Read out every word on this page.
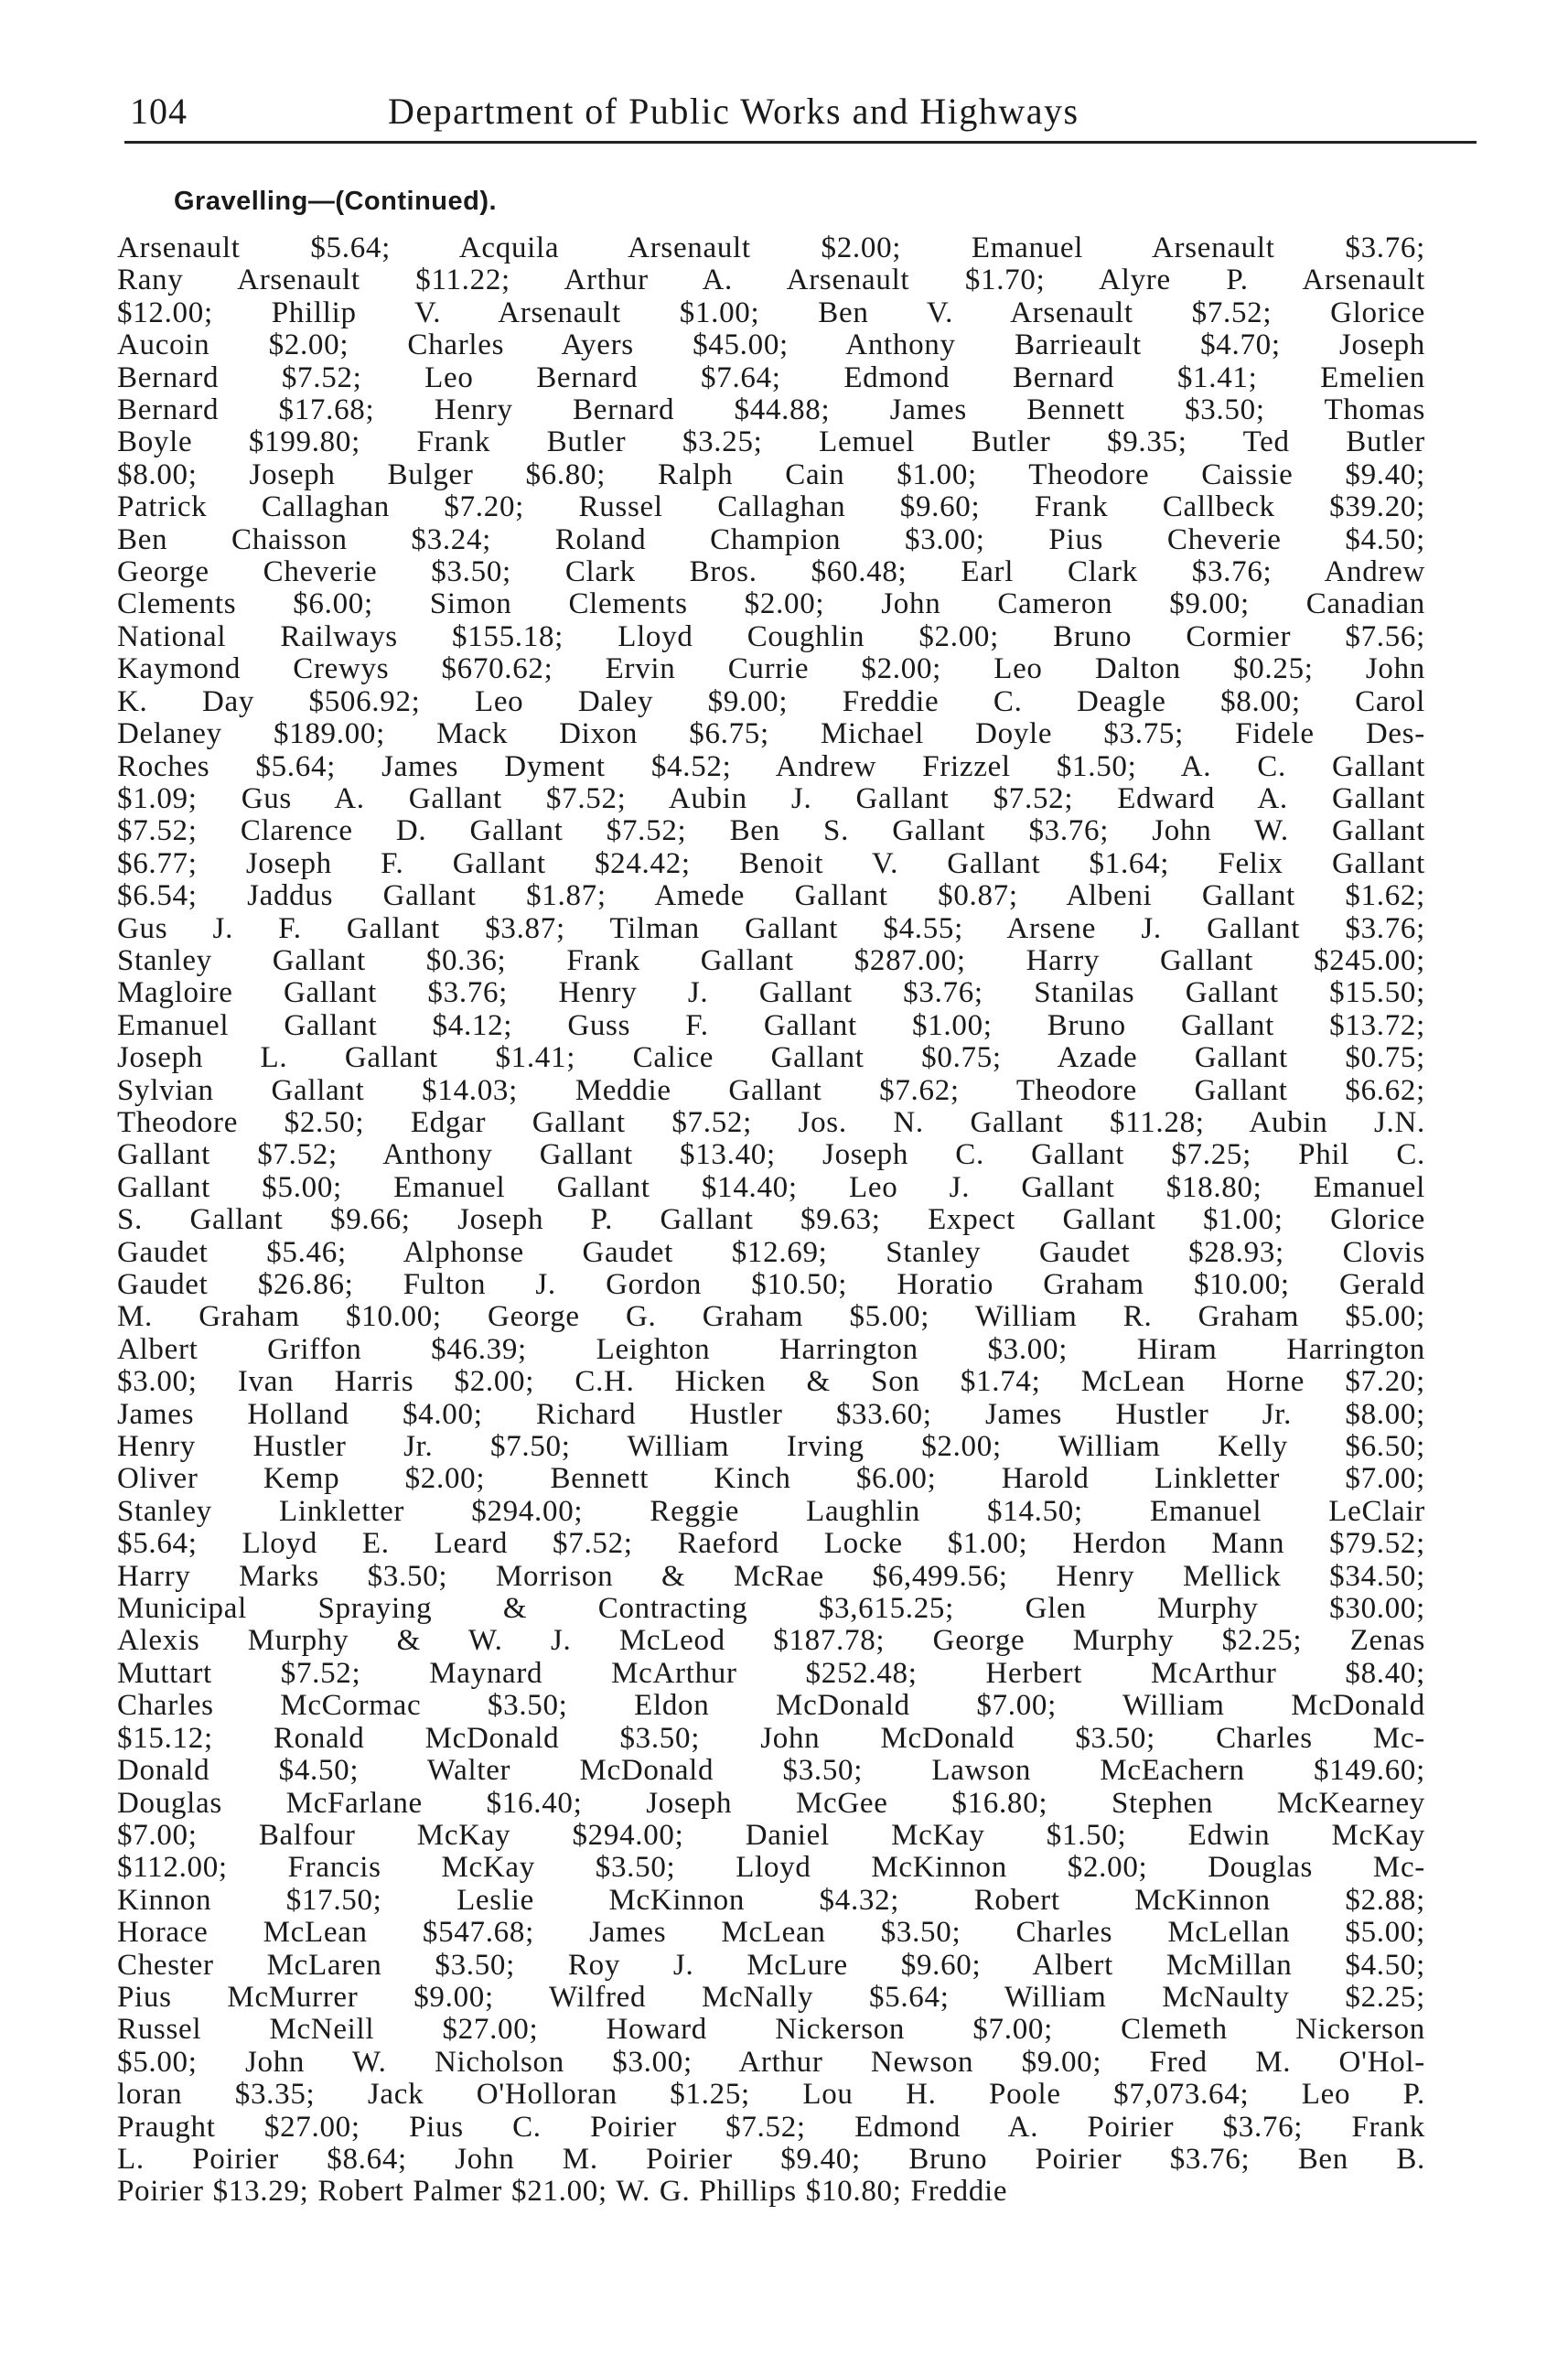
104	Department of Public Works and Highways
Gravelling—(Continued).
Arsenault $5.64; Acquila Arsenault $2.00; Emanuel Arsenault $3.76;
Rany Arsenault $11.22; Arthur A. Arsenault $1.70; Alyre P. Arsenault
$12.00; Phillip V. Arsenault $1.00; Ben V. Arsenault $7.52; Glorice
Aucoin $2.00; Charles Ayers $45.00; Anthony Barrieault $4.70; Joseph
Bernard $7.52; Leo Bernard $7.64; Edmond Bernard $1.41; Emelien
Bernard $17.68; Henry Bernard $44.88; James Bennett $3.50; Thomas
Boyle $199.80; Frank Butler $3.25; Lemuel Butler $9.35; Ted Butler
$8.00; Joseph Bulger $6.80; Ralph Cain $1.00; Theodore Caissie $9.40;
Patrick Callaghan $7.20; Russel Callaghan $9.60; Frank Callbeck $39.20;
Ben Chaisson $3.24; Roland Champion $3.00; Pius Cheverie $4.50;
George Cheverie $3.50; Clark Bros. $60.48; Earl Clark $3.76; Andrew
Clements $6.00; Simon Clements $2.00; John Cameron $9.00; Canadian
National Railways $155.18; Lloyd Coughlin $2.00; Bruno Cormier $7.56;
Kaymond Crewys $670.62; Ervin Currie $2.00; Leo Dalton $0.25; John
K. Day $506.92; Leo Daley $9.00; Freddie C. Deagle $8.00; Carol
Delaney $189.00; Mack Dixon $6.75; Michael Doyle $3.75; Fidele Des-
Roches $5.64; James Dyment $4.52; Andrew Frizzel $1.50; A. C. Gallant
$1.09; Gus A. Gallant $7.52; Aubin J. Gallant $7.52; Edward A. Gallant
$7.52; Clarence D. Gallant $7.52; Ben S. Gallant $3.76; John W. Gallant
$6.77; Joseph F. Gallant $24.42; Benoit V. Gallant $1.64; Felix Gallant
$6.54; Jaddus Gallant $1.87; Amede Gallant $0.87; Albeni Gallant $1.62;
Gus J. F. Gallant $3.87; Tilman Gallant $4.55; Arsene J. Gallant $3.76;
Stanley Gallant $0.36; Frank Gallant $287.00; Harry Gallant $245.00;
Magloire Gallant $3.76; Henry J. Gallant $3.76; Stanilas Gallant $15.50;
Emanuel Gallant $4.12; Guss F. Gallant $1.00; Bruno Gallant $13.72;
Joseph L. Gallant $1.41; Calice Gallant $0.75; Azade Gallant $0.75;
Sylvian Gallant $14.03; Meddie Gallant $7.62; Theodore Gallant $6.62;
Theodore $2.50; Edgar Gallant $7.52; Jos. N. Gallant $11.28; Aubin J.N.
Gallant $7.52; Anthony Gallant $13.40; Joseph C. Gallant $7.25; Phil C.
Gallant $5.00; Emanuel Gallant $14.40; Leo J. Gallant $18.80; Emanuel
S. Gallant $9.66; Joseph P. Gallant $9.63; Expect Gallant $1.00; Glorice
Gaudet $5.46; Alphonse Gaudet $12.69; Stanley Gaudet $28.93; Clovis
Gaudet $26.86; Fulton J. Gordon $10.50; Horatio Graham $10.00; Gerald
M. Graham $10.00; George G. Graham $5.00; William R. Graham $5.00;
Albert Griffon $46.39; Leighton Harrington $3.00; Hiram Harrington
$3.00; Ivan Harris $2.00; C.H. Hicken & Son $1.74; McLean Horne $7.20;
James Holland $4.00; Richard Hustler $33.60; James Hustler Jr. $8.00;
Henry Hustler Jr. $7.50; William Irving $2.00; William Kelly $6.50;
Oliver Kemp $2.00; Bennett Kinch $6.00; Harold Linkletter $7.00;
Stanley Linkletter $294.00; Reggie Laughlin $14.50; Emanuel LeClair
$5.64; Lloyd E. Leard $7.52; Raeford Locke $1.00; Herdon Mann $79.52;
Harry Marks $3.50; Morrison & McRae $6,499.56; Henry Mellick $34.50;
Municipal Spraying & Contracting $3,615.25; Glen Murphy $30.00;
Alexis Murphy & W. J. McLeod $187.78; George Murphy $2.25; Zenas
Muttart $7.52; Maynard McArthur $252.48; Herbert McArthur $8.40;
Charles McCormac $3.50; Eldon McDonald $7.00; William McDonald
$15.12; Ronald McDonald $3.50; John McDonald $3.50; Charles Mc-
Donald $4.50; Walter McDonald $3.50; Lawson McEachern $149.60;
Douglas McFarlane $16.40; Joseph McGee $16.80; Stephen McKearney
$7.00; Balfour McKay $294.00; Daniel McKay $1.50; Edwin McKay
$112.00; Francis McKay $3.50; Lloyd McKinnon $2.00; Douglas Mc-
Kinnon $17.50; Leslie McKinnon $4.32; Robert McKinnon $2.88;
Horace McLean $547.68; James McLean $3.50; Charles McLellan $5.00;
Chester McLaren $3.50; Roy J. McLure $9.60; Albert McMillan $4.50;
Pius McMurrer $9.00; Wilfred McNally $5.64; William McNaulty $2.25;
Russel McNeill $27.00; Howard Nickerson $7.00; Clemeth Nickerson
$5.00; John W. Nicholson $3.00; Arthur Newson $9.00; Fred M. O'Hol-
loran $3.35; Jack O'Holloran $1.25; Lou H. Poole $7,073.64; Leo P.
Praught $27.00; Pius C. Poirier $7.52; Edmond A. Poirier $3.76; Frank
L. Poirier $8.64; John M. Poirier $9.40; Bruno Poirier $3.76; Ben B.
Poirier $13.29; Robert Palmer $21.00; W. G. Phillips $10.80; Freddie
